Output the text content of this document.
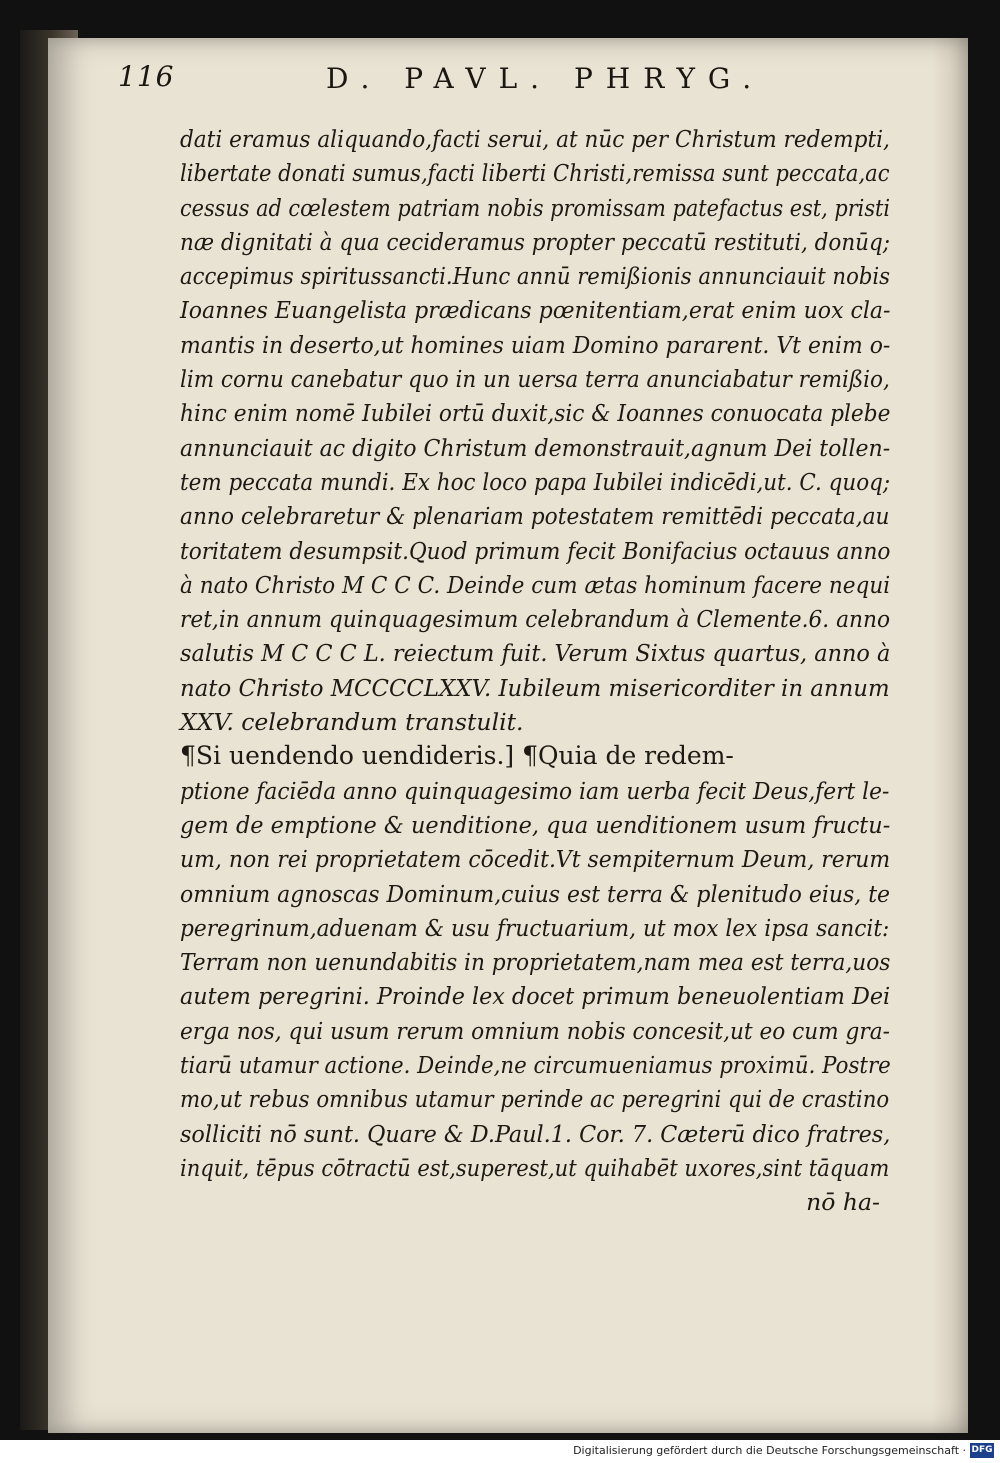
116	D. PAVL. PHRYG.
dati eramus aliquando,facti serui, at nūc per Christum redempti,
libertate donati sumus,facti liberti Christi,remissa sunt peccata,ac
cessus ad cœlestem patriam nobis promissam patefactus est, pristi
næ dignitati à qua cecideramus propter peccatū restituti, donūq;
accepimus spiritussancti.Hunc annū remißionis annunciauit nobis
Ioannes Euangelista prædicans pœnitentiam,erat enim uox cla-
mantis in deserto,ut homines uiam Domino pararent. Vt enim o-
lim cornu canebatur quo in un uersa terra anunciabatur remißio,
hinc enim nomē Iubilei ortū duxit,sic & Ioannes conuocata plebe
annunciauit ac digito Christum demonstrauit,agnum Dei tollen-
tem peccata mundi. Ex hoc loco papa Iubilei indicēdi,ut. C. quoq;
anno celebraretur & plenariam potestatem remittēdi peccata,au
toritatem desumpsit.Quod primum fecit Bonifacius octauus anno
à nato Christo M C C C. Deinde cum ætas hominum facere nequi
ret,in annum quinquagesimum celebrandum à Clemente.6. anno
salutis M C C C L. reiectum fuit. Verum Sixtus quartus, anno à
nato Christo MCCCCLXXV. Iubileum misericorditer in annum
XXV. celebrandum transtulit.
¶Si uendendo uendideris.] ¶Quia de redem-
ptione faciēda anno quinquagesimo iam uerba fecit Deus,fert le-
gem de emptione & uenditione, qua uenditionem usum fructu-
um, non rei proprietatem cōcedit.Vt sempiternum Deum, rerum
omnium agnoscas Dominum,cuius est terra & plenitudo eius, te
peregrinum,aduenam & usu fructuarium, ut mox lex ipsa sancit:
Terram non uenundabitis in proprietatem,nam mea est terra,uos
autem peregrini. Proinde lex docet primum beneuolentiam Dei
erga nos, qui usum rerum omnium nobis concesit,ut eo cum gra-
tiarū utamur actione. Deinde,ne circumueniamus proximū. Postre
mo,ut rebus omnibus utamur perinde ac peregrini qui de crastino
solliciti nō sunt. Quare & D.Paul.1. Cor. 7. Cæterū dico fratres,
inquit, tēpus cōtractū est,superest,ut quihabēt uxores,sint tāquam
nō ha-
Digitalisierung gefördert durch die Deutsche Forschungsgemeinschaft · DFG
